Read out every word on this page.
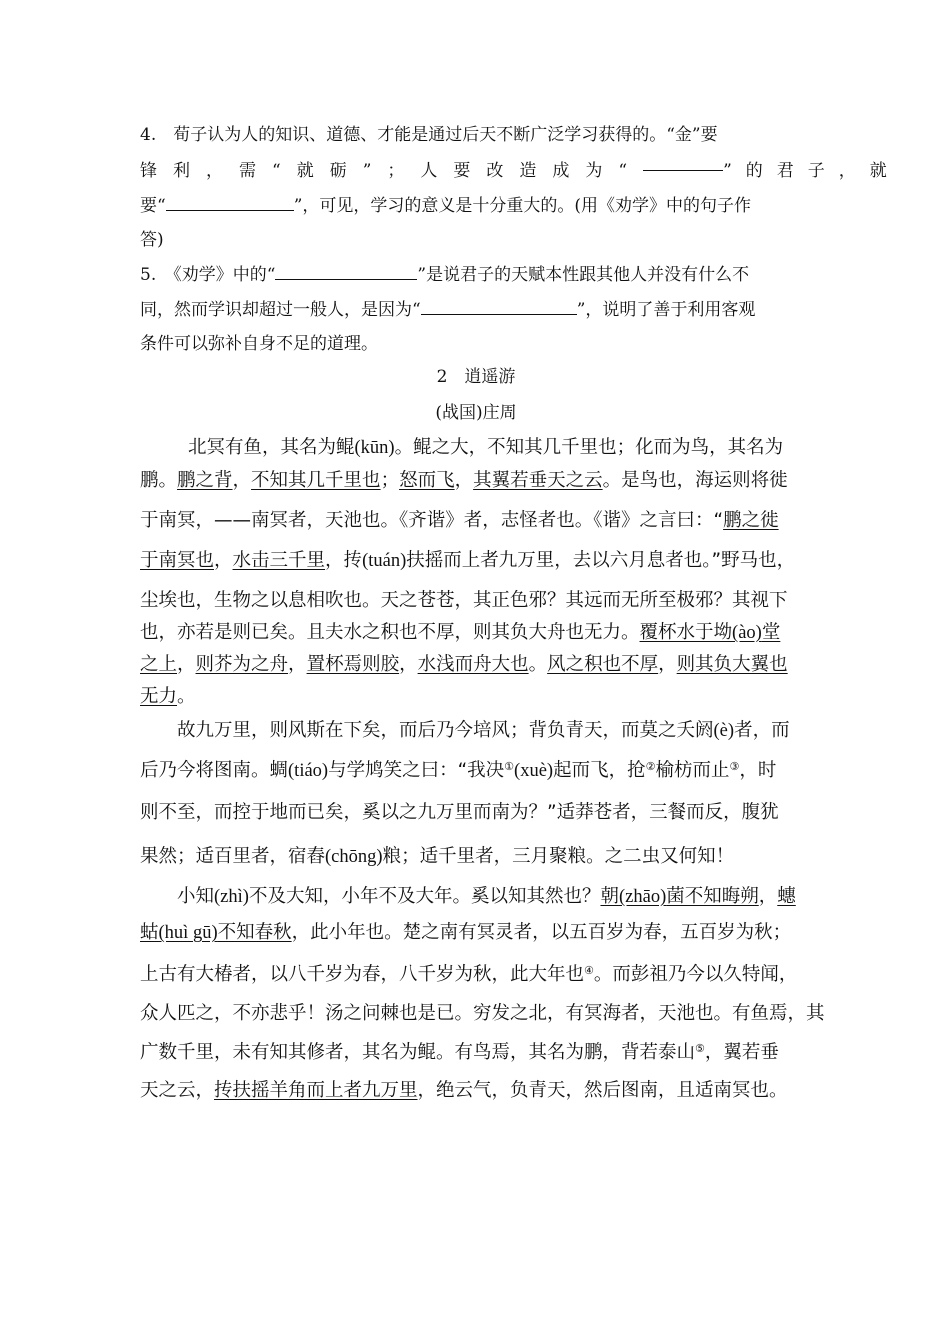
4.　荀子认为人的知识、道德、才能是通过后天不断广泛学习获得的。“金”要
锋利，需“就砺”；人要改造成为“	”的君子，就
要“	”，可见，学习的意义是十分重大的。(用《劝学》中的句子作
答)
5.　《劝学》中的“	”是说君子的天赋本性跟其他人并没有什么不
同，然而学识却超过一般人，是因为“	”，说明了善于利用客观
条件可以弥补自身不足的道理。
2　逍遥游
(战国)庄周
北冥有鱼，其名为鲲(kūn)。鲲之大，不知其几千里也；化而为鸟，其名为
鹏。鹏之背，不知其几千里也；怒而飞，其翼若垂天之云。是鸟也，海运则将徙
于南冥，——南冥者，天池也。《齐谐》者，志怪者也。《谐》之言曰：“鹏之徙
于南冥也，水击三千里，抟(tuán)扶摇而上者九万里，去以六月息者也。”野马也，
尘埃也，生物之以息相吹也。天之苍苍，其正色邪？其远而无所至极邪？其视下
也，亦若是则已矣。且夫水之积也不厚，则其负大舟也无力。覆杯水于坳(ào)堂
之上，则芥为之舟，置杯焉则胶，水浅而舟大也。风之积也不厚，则其负大翼也
无力。
故九万里，则风斯在下矣，而后乃今培风；背负青天，而莫之夭阏(è)者，而
后乃今将图南。蜩(tiáo)与学鸠笑之曰：“我决①(xuè)起而飞，抢②榆枋而止③，时
则不至，而控于地而已矣，奚以之九万里而南为？”适莽苍者，三餐而反，腹犹
果然；适百里者，宿舂(chōng)粮；适千里者，三月聚粮。之二虫又何知！
小知(zhì)不及大知，小年不及大年。奚以知其然也？朝(zhāo)菌不知晦朔，蟪
蛄(huì gū)不知春秋，此小年也。楚之南有冥灵者，以五百岁为春，五百岁为秋；
上古有大椿者，以八千岁为春，八千岁为秋，此大年也④。而彭祖乃今以久特闻，
众人匹之，不亦悲乎！汤之问棘也是已。穷发之北，有冥海者，天池也。有鱼焉，其
广数千里，未有知其修者，其名为鲲。有鸟焉，其名为鹏，背若泰山⑤，翼若垂
天之云，抟扶摇羊角而上者九万里，绝云气，负青天，然后图南，且适南冥也。
